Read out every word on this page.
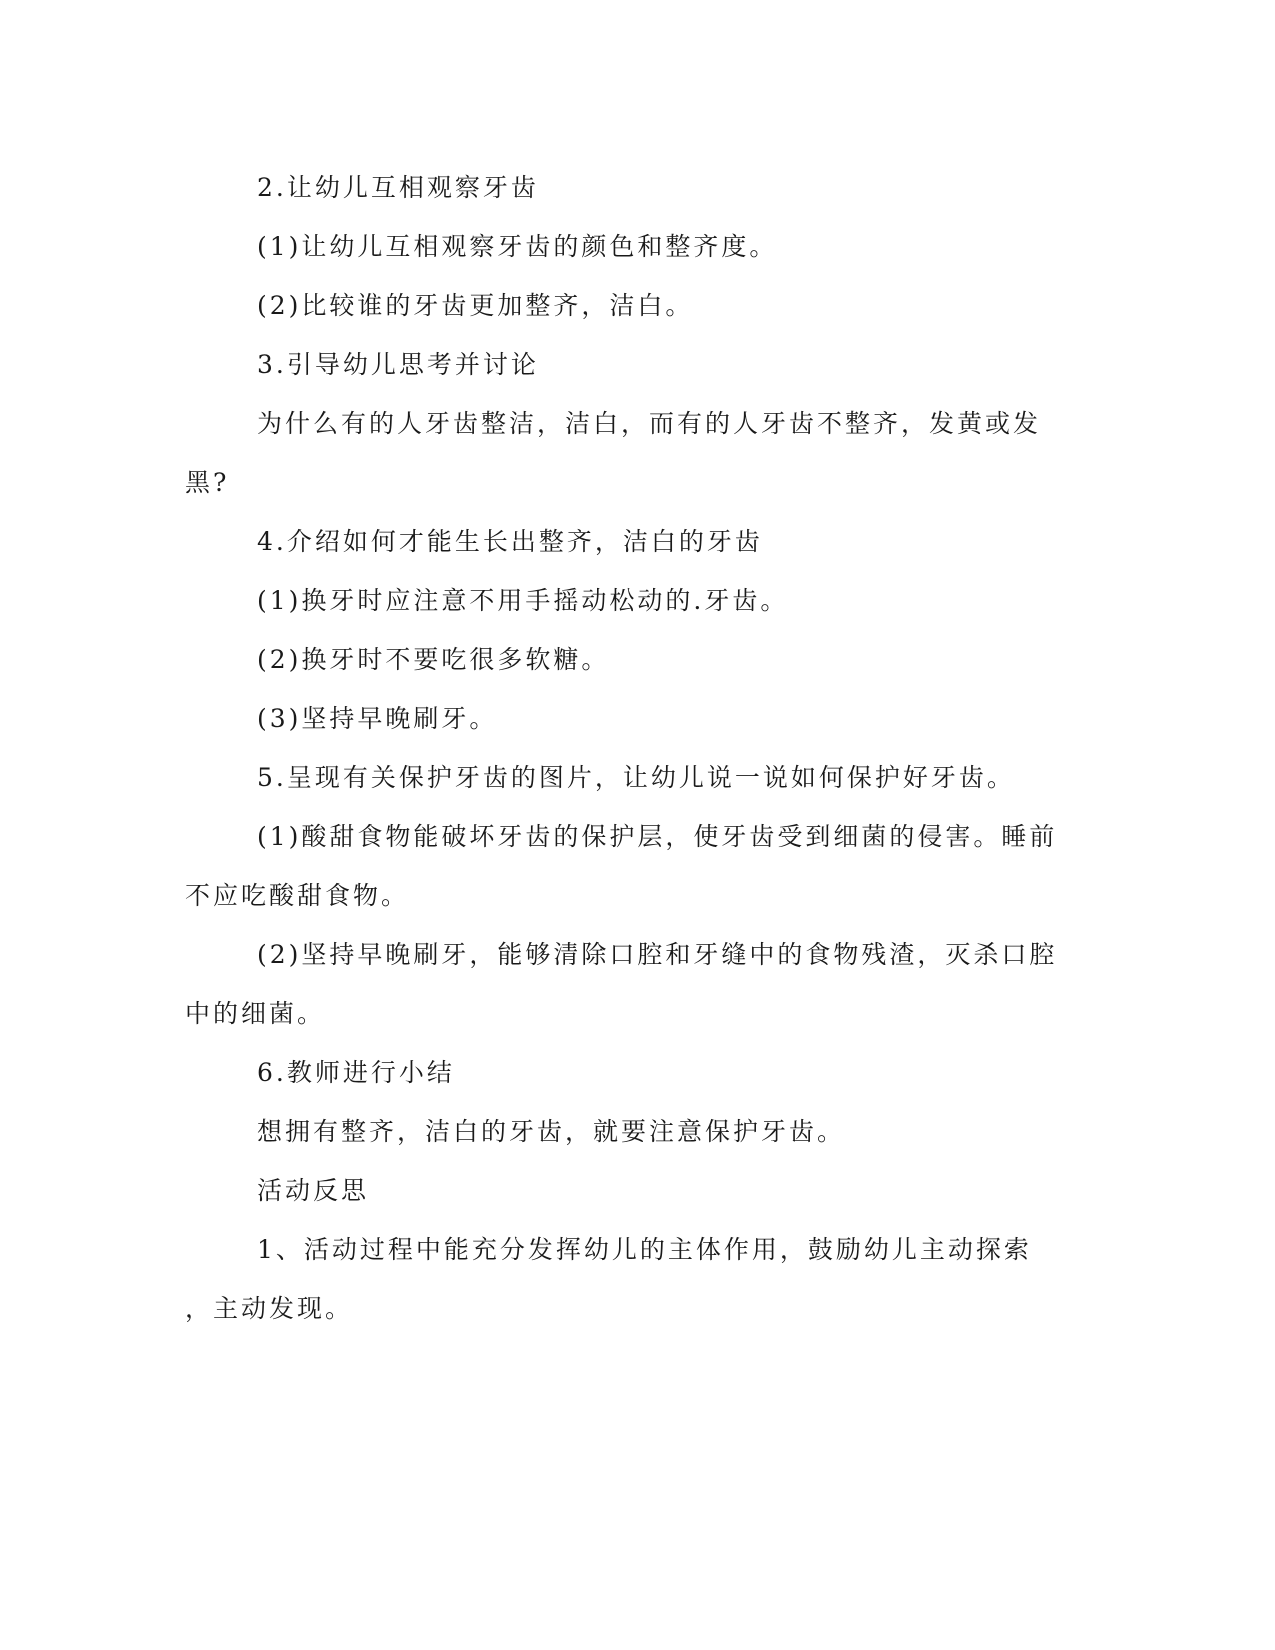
2.让幼儿互相观察牙齿
(1)让幼儿互相观察牙齿的颜色和整齐度。
(2)比较谁的牙齿更加整齐，洁白。
3.引导幼儿思考并讨论
为什么有的人牙齿整洁，洁白，而有的人牙齿不整齐，发黄或发
黑?
4.介绍如何才能生长出整齐，洁白的牙齿
(1)换牙时应注意不用手摇动松动的.牙齿。
(2)换牙时不要吃很多软糖。
(3)坚持早晚刷牙。
5.呈现有关保护牙齿的图片，让幼儿说一说如何保护好牙齿。
(1)酸甜食物能破坏牙齿的保护层，使牙齿受到细菌的侵害。睡前
不应吃酸甜食物。
(2)坚持早晚刷牙，能够清除口腔和牙缝中的食物残渣，灭杀口腔
中的细菌。
6.教师进行小结
想拥有整齐，洁白的牙齿，就要注意保护牙齿。
活动反思
1、活动过程中能充分发挥幼儿的主体作用，鼓励幼儿主动探索
，主动发现。
